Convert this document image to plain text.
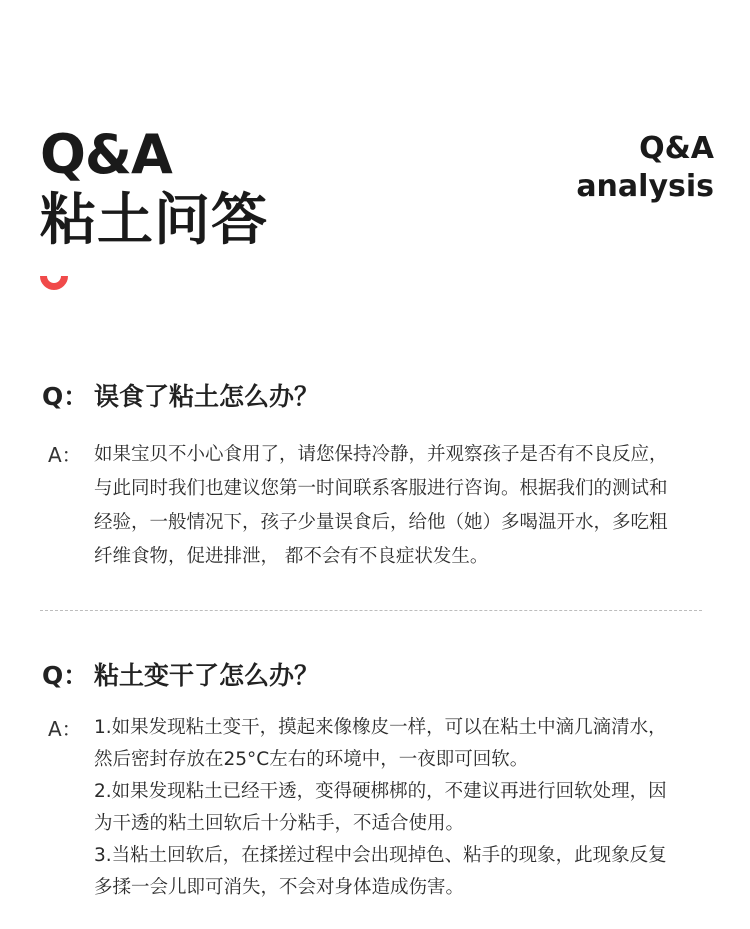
Q&A
粘土问答
Q&A
analysis
Q： 误食了粘土怎么办？
A： 如果宝贝不小心食用了，请您保持冷静，并观察孩子是否有不良反应，
与此同时我们也建议您第一时间联系客服进行咨询。根据我们的测试和
经验，一般情况下，孩子少量误食后，给他（她）多喝温开水，多吃粗
纤维食物，促进排泄， 都不会有不良症状发生。
Q： 粘土变干了怎么办？
A： 1.如果发现粘土变干，摸起来像橡皮一样，可以在粘土中滴几滴清水，
然后密封存放在25°C左右的环境中，一夜即可回软。
2.如果发现粘土已经干透，变得硬梆梆的，不建议再进行回软处理，因
为干透的粘土回软后十分粘手，不适合使用。
3.当粘土回软后，在揉搓过程中会出现掉色、粘手的现象，此现象反复
多揉一会儿即可消失，不会对身体造成伤害。
